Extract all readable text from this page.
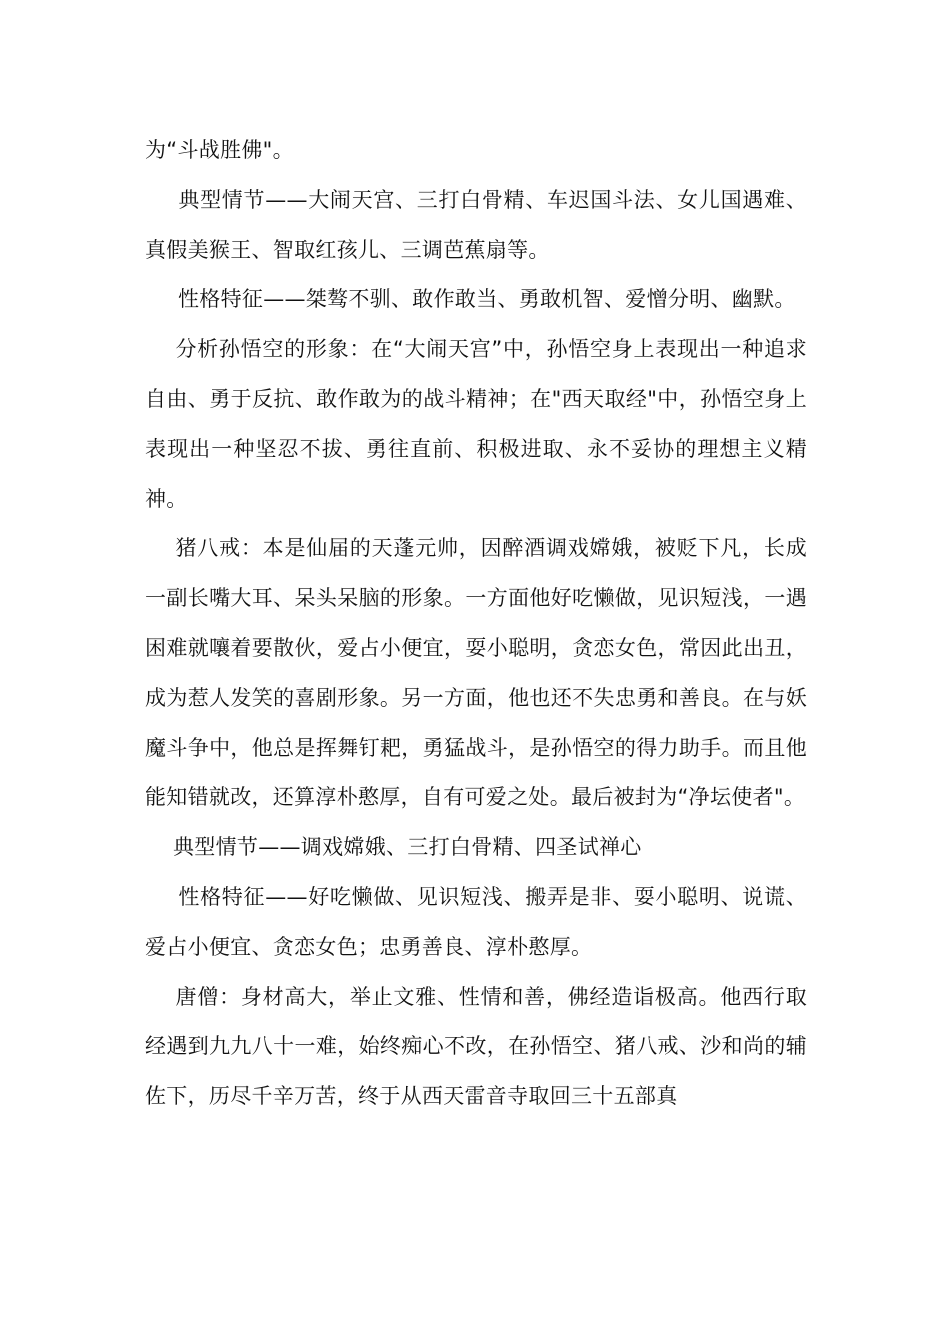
为“斗战胜佛"。

典型情节——大闹天宫、三打白骨精、车迟国斗法、女儿国遇难、真假美猴王、智取红孩儿、三调芭蕉扇等。

性格特征——桀骜不驯、敢作敢当、勇敢机智、爱憎分明、幽默。

分析孙悟空的形象：在“大闹天宫”中，孙悟空身上表现出一种追求自由、勇于反抗、敢作敢为的战斗精神；在"西天取经"中，孙悟空身上表现出一种坚忍不拔、勇往直前、积极进取、永不妥协的理想主义精神。

猪八戒：本是仙届的天蓬元帅，因醉酒调戏嫦娥，被贬下凡，长成一副长嘴大耳、呆头呆脑的形象。一方面他好吃懒做，见识短浅，一遇困难就嚷着要散伙，爱占小便宜，耍小聪明，贪恋女色，常因此出丑，成为惹人发笑的喜剧形象。另一方面，他也还不失忠勇和善良。在与妖魔斗争中，他总是挥舞钉耙，勇猛战斗，是孙悟空的得力助手。而且他能知错就改，还算淳朴憨厚，自有可爱之处。最后被封为“净坛使者"。

典型情节——调戏嫦娥、三打白骨精、四圣试禅心

性格特征——好吃懒做、见识短浅、搬弄是非、耍小聪明、说谎、爱占小便宜、贪恋女色；忠勇善良、淳朴憨厚。

唐僧：身材高大，举止文雅、性情和善，佛经造诣极高。他西行取经遇到九九八十一难，始终痴心不改，在孙悟空、猪八戒、沙和尚的辅佐下，历尽千辛万苦，终于从西天雷音寺取回三十五部真
